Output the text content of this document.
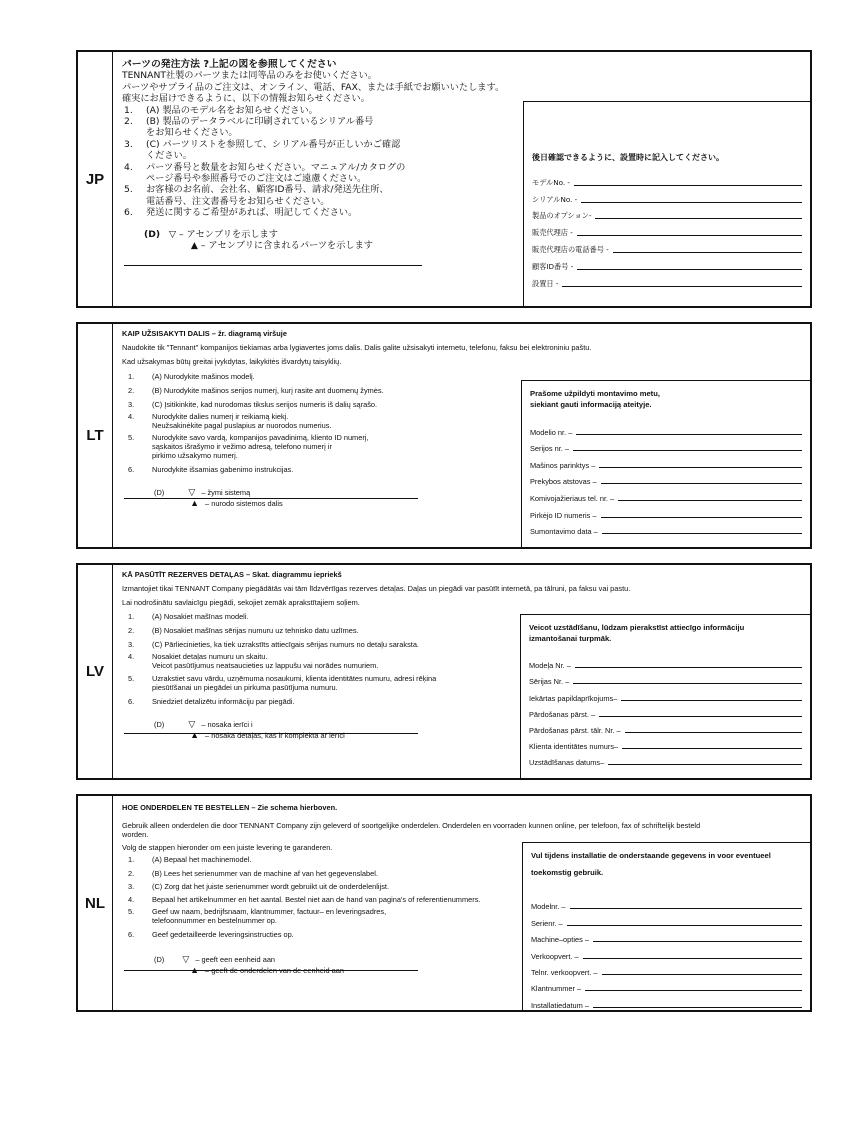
JP
パーツの発注方法 ?上記の図を参照してください
TENNANT社製のパーツまたは同等品のみをお使いください。
パーツやサプライ品のご注文は、オンライン、電話、FAX、または手紙でお願いいたします。
確実にお届けできるように、以下の情報お知らせください。
1. (A) 製品のモデル名をお知らせください。
2. (B) 製品のデータラベルに印刷されているシリアル番号
をお知らせください。
3. (C) パーツリストを参照して、シリアル番号が正しいかご確認
ください。
4. パーツ番号と数量をお知らせください。マニュアル/カタログの
ページ番号や参照番号でのご注文はご遠慮ください。
5. お客様のお名前、会社名、顧客ID番号、請求/発送先住所、
電話番号、注文書番号をお知らせください。
6. 発送に関するご希望があれば、明記してください。
(D) ▽ – アセンブリを示します
▲ – アセンブリに含まれるパーツを示します
後日確認できるように、設置時に記入してください。
モデルNo. -
シリアルNo. -
製品のオプション-
販売代理店 -
販売代理店の電話番号 -
顧客ID番号 -
設置日 -
LT
KAIP UŽSISAKYTI DALIS – žr. diagramą viršuje
Naudokite tik "Tennant" kompanijos tiekiamas arba lygiavertes joms dalis. Dalis galite užsisakyti internetu, telefonu, faksu bei elektroniniu paštu.
Kad užsakymas būtų greitai įvykdytas, laikykitės išvardytų taisyklių.
1. (A) Nurodykite mašinos modelį.
2. (B) Nurodykite mašinos serijos numerį, kurį rasite ant duomenų žymės.
3. (C) Įsitikinkite, kad nurodomas tikslus serijos numeris iš dalių sąrašo.
4. Nurodykite dalies numerį ir reikiamą kiekį.
Neužsakinėkite pagal puslapius ar nuorodos numerius.
5. Nurodykite savo vardą, kompanijos pavadinimą, kliento ID numerį,
sąskaitos išrašymo ir vežimo adresą, telefono numerį ir
pirkimo užsakymo numerį.
6. Nurodykite išsamias gabenimo instrukcijas.
(D)	▽ – žymi sistemą
▲ – nurodo sistemos dalis
Prašome užpildyti montavimo metu,
siekiant gauti informaciją ateityje.
Modelio nr. –
Serijos nr. –
Mašinos parinktys –
Prekybos atstovas –
Komivojažieriaus tel. nr. –
Pirkėjo ID numeris –
Sumontavimo data –
LV
KĀ PASŪTĪT REZERVES DETAĻAS – Skat. diagrammu iepriekš
Izmantojiet tikai TENNANT Company piegādātās vai tām līdzvērtīgas rezerves detaļas. Daļas un piegādi var pasūtīt internetā, pa tālruni, pa faksu vai pastu.
Lai nodrošinātu savlaicīgu piegādi, sekojiet zemāk aprakstītajiem soļiem.
1. (A) Nosakiet mašīnas modeli.
2. (B) Nosakiet mašīnas sērijas numuru uz tehnisko datu uzlīmes.
3. (C) Pārliecinieties, ka tiek uzrakstīts attiecīgais sērijas numurs no detaļu saraksta.
4. Nosakiet detaļas numuru un skaitu.
Veicot pasūtījumus neatsaucieties uz lappušu vai norādes numuriem.
5. Uzrakstiet savu vārdu, uzņēmuma nosaukumi, klienta identitātes numuru, adresi rēķina
piesūtīšanai un piegādei un pirkuma pasūtījuma numuru.
6. Sniedziet detalizētu informāciju par piegādi.
(D)	▽ – nosaka ierīci i
▲ – nosaka detaļas, kas ir komplektā ar ierīci
Veicot uzstādīšanu, lūdzam pierakstīst attiecīgo informāciju
izmantošanai turpmāk.
Modeļa Nr. –
Sērijas Nr. –
Iekārtas papildaprīkojums–
Pārdošanas pārst. –
Pārdošanas pārst. tālr. Nr. –
Klienta identitātes numurs–
Uzstādīšanas datums–
NL
HOE ONDERDELEN TE BESTELLEN – Zie schema hierboven.
Gebruik alleen onderdelen die door TENNANT Company zijn geleverd of soortgelijke onderdelen. Onderdelen en voorraden kunnen online, per telefoon, fax of schriftelijk besteld
worden.
Volg de stappen hieronder om een juiste levering te garanderen.
1. (A) Bepaal het machinemodel.
2. (B) Lees het serienummer van de machine af van het gegevenslabel.
3. (C) Zorg dat het juiste serienummer wordt gebruikt uit de onderdelenlijst.
4. Bepaal het artikelnummer en het aantal. Bestel niet aan de hand van pagina's of referentienummers.
5. Geef uw naam, bedrijfsnaam, klantnummer, factuur– en leveringsadres,
telefoonnummer en bestelnummer op.
6. Geef gedetailleerde leveringsinstructies op.
(D) ▽ – geeft een eenheid aan
▲ – geeft de onderdelen van de eenheid aan
Vul tijdens installatie de onderstaande gegevens in voor eventueel
toekomstig gebruik.
Modelnr. –
Serienr. –
Machine–opties –
Verkoopvert. –
Telnr. verkoopvert. –
Klantnummer –
Installatiedatum –
